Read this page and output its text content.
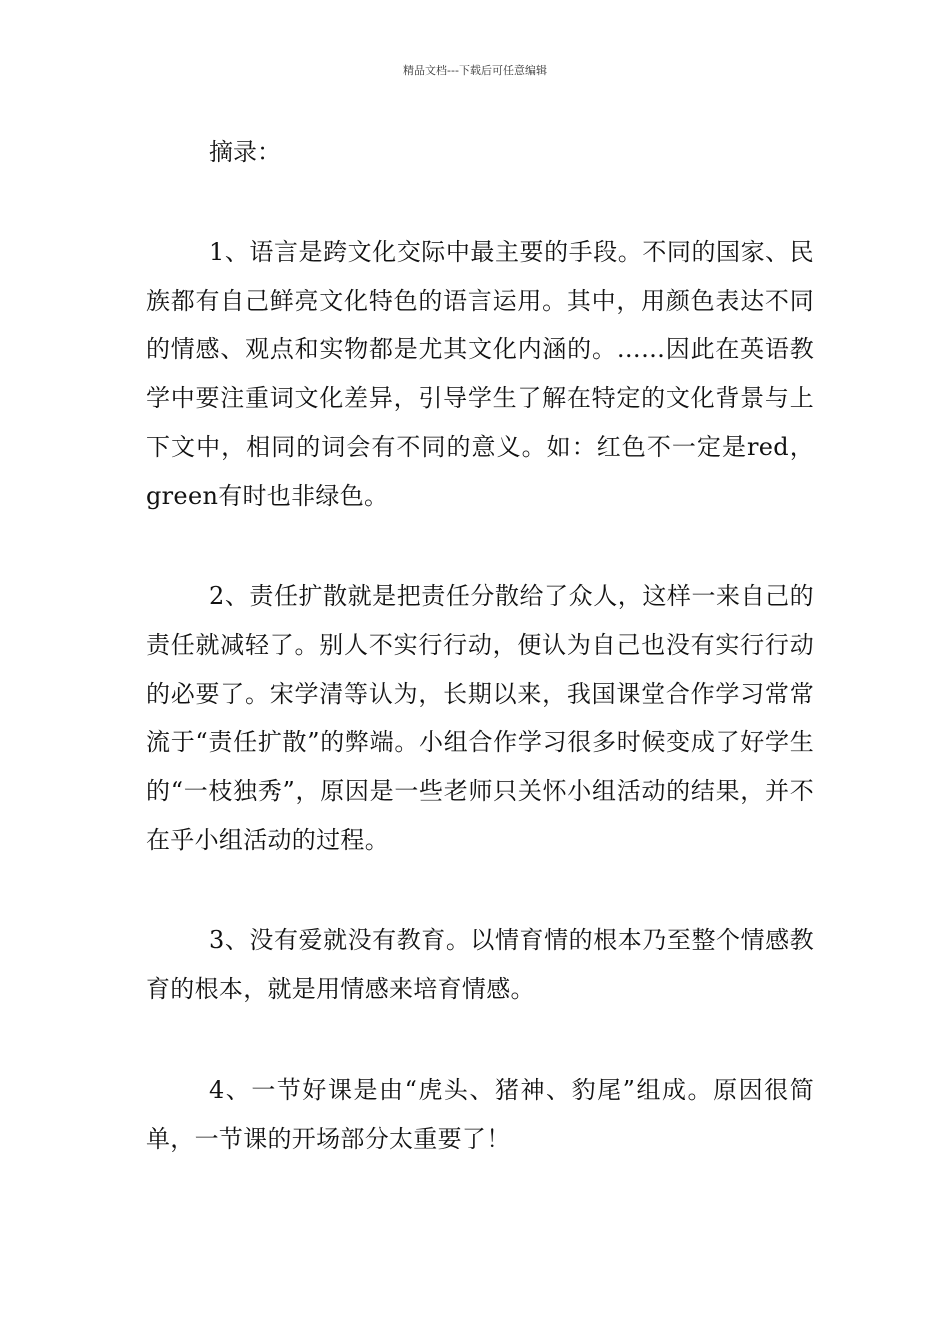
精品文档---下载后可任意编辑

摘录：

1、语言是跨文化交际中最主要的手段。不同的国家、民族都有自己鲜亮文化特色的语言运用。其中，用颜色表达不同的情感、观点和实物都是尤其文化内涵的。……因此在英语教学中要注重词文化差异，引导学生了解在特定的文化背景与上下文中，相同的词会有不同的意义。如：红色不一定是red，green有时也非绿色。

2、责任扩散就是把责任分散给了众人，这样一来自己的责任就减轻了。别人不实行行动，便认为自己也没有实行行动的必要了。宋学清等认为，长期以来，我国课堂合作学习常常流于“责任扩散”的弊端。小组合作学习很多时候变成了好学生的“一枝独秀”，原因是一些老师只关怀小组活动的结果，并不在乎小组活动的过程。

3、没有爱就没有教育。以情育情的根本乃至整个情感教育的根本，就是用情感来培育情感。

4、一节好课是由“虎头、猪神、豹尾”组成。原因很简单，一节课的开场部分太重要了！
